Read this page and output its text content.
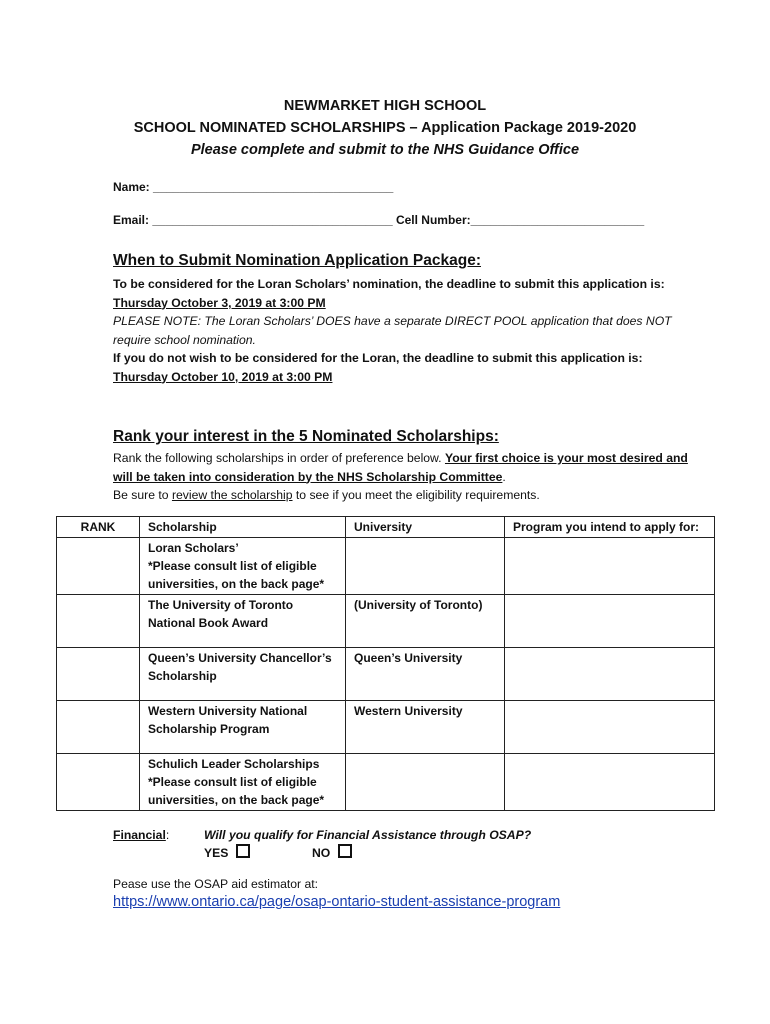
NEWMARKET HIGH SCHOOL
SCHOOL NOMINATED SCHOLARSHIPS – Application Package 2019-2020
Please complete and submit to the NHS Guidance Office
Name: ____________________________________
Email: ____________________________________ Cell Number:__________________________
When to Submit Nomination Application Package:
To be considered for the Loran Scholars’ nomination, the deadline to submit this application is: Thursday October 3, 2019 at 3:00 PM
PLEASE NOTE: The Loran Scholars’ DOES have a separate DIRECT POOL application that does NOT require school nomination.
If you do not wish to be considered for the Loran, the deadline to submit this application is: Thursday October 10, 2019 at 3:00 PM
Rank your interest in the 5 Nominated Scholarships:
Rank the following scholarships in order of preference below. Your first choice is your most desired and will be taken into consideration by the NHS Scholarship Committee.
Be sure to review the scholarship to see if you meet the eligibility requirements.
RANK	Scholarship	University	Program you intend to apply for:
	Loran Scholars’
*Please consult list of eligible universities, on the back page*		
	The University of Toronto National Book Award	(University of Toronto)	
	Queen’s University Chancellor’s Scholarship	Queen’s University	
	Western University National Scholarship Program	Western University	
	Schulich Leader Scholarships
*Please consult list of eligible universities, on the back page*		
Financial:	Will you qualify for Financial Assistance through OSAP?
YES	NO
Pease use the OSAP aid estimator at:
https://www.ontario.ca/page/osap-ontario-student-assistance-program
